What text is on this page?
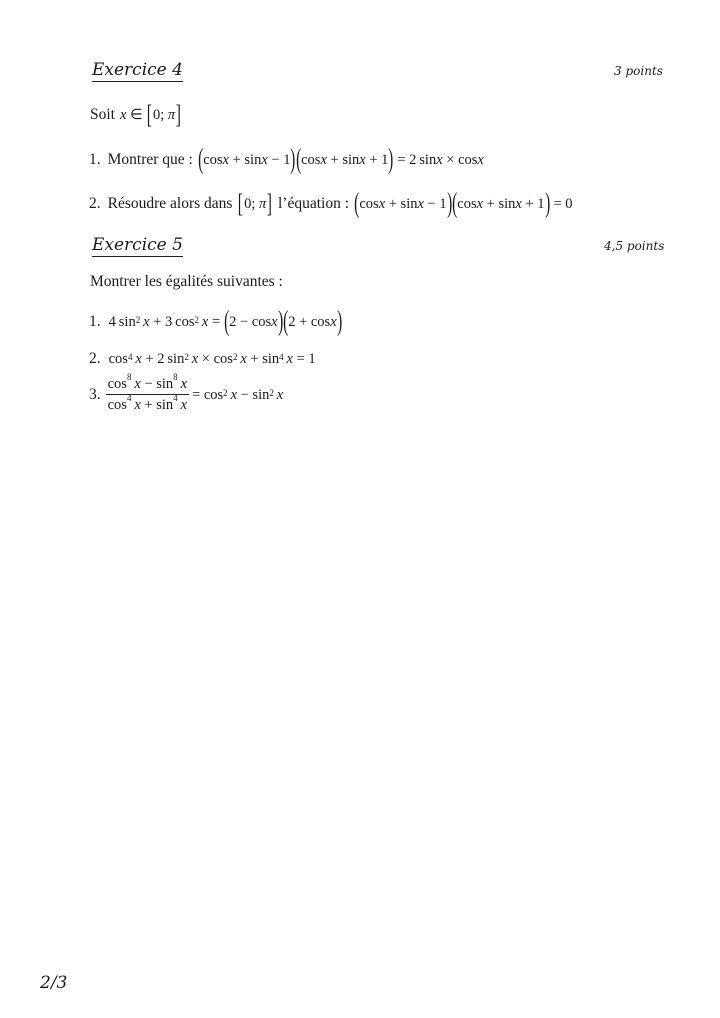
Exercice 4	3 points
Soit x ∈ [ 0; π ]
1. Montrer que : ( cos x + sin x − 1 ) ( cos x + sin x + 1 ) = 2 sin x × cos x
2. Résoudre alors dans [ 0; π ] l’équation : ( cos x + sin x − 1 ) ( cos x + sin x + 1 ) = 0
Exercice 5	4,5 points
Montrer les égalités suivantes :
1. 4 $\sin^2$
  x + 3 $\cos^2$
  x = ( 2 − cos x ) ( 2 + cos x )
2. $\cos^4$
  x + 2 $\sin^2$
  $x \times \cos^2$
  $x + \sin^4$
  x = 1
3. $\frac{\cos^8 x - \sin^8 x}{\cos^4 x + \sin^4 x} = \cos^2$
  $x - \sin^2$
  x
2/3
